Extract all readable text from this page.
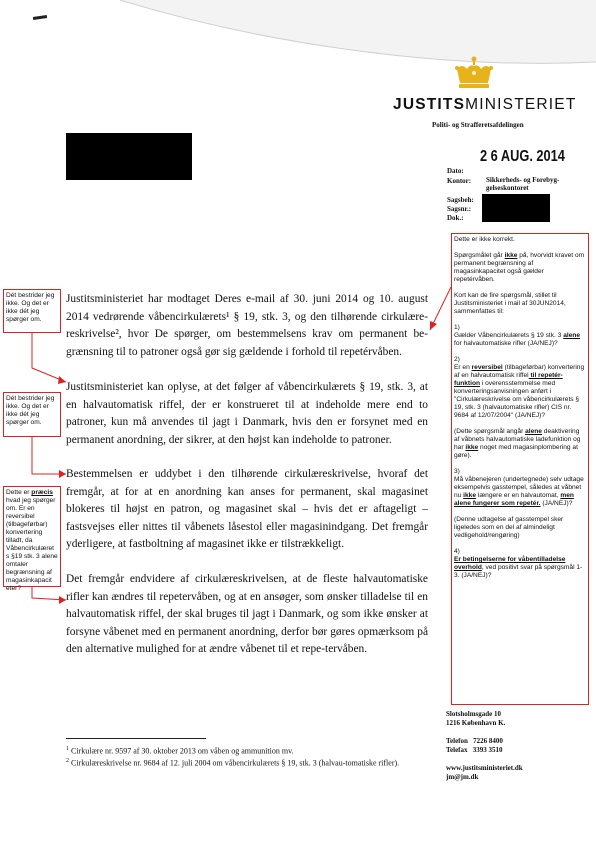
JUSTITSMINISTERIET
Politi- og Strafferetsafdelingen
2 6 AUG. 2014
Dato:
Kontor: Sikkerheds- og Forebyg-gelseskontoret
Sagsbeh:
Sagsnr.:
Dok.:

Justitsministeriet har modtaget Deres e-mail af 30. juni 2014 og 10. august 2014 vedrørende våbencirkulærets¹ § 19, stk. 3, og den tilhørende cirkulære-reskrivelse², hvor De spørger, om bestemmelsens krav om permanent be-grænsning til to patroner også gør sig gældende i forhold til repetérvåben.

Justitsministeriet kan oplyse, at det følger af våbencirkulærets § 19, stk. 3, at en halvautomatisk riffel, der er konstrueret til at indeholde mere end to patroner, kun må anvendes til jagt i Danmark, hvis den er forsynet med en permanent anordning, der sikrer, at den højst kan indeholde to patroner.

Bestemmelsen er uddybet i den tilhørende cirkulæreskrivelse, hvoraf det fremgår, at for at en anordning kan anses for permanent, skal magasinet blokeres til højst en patron, og magasinet skal – hvis det er aftageligt – fastsvejses eller nittes til våbenets låsestol eller magasinindgang. Det fremgår yderligere, at fastboltning af magasinet ikke er tilstrækkeligt.

Det fremgår endvidere af cirkulæreskrivelsen, at de fleste halvautomatiske rifler kan ændres til repetervåben, og at en ansøger, som ønsker tilladelse til en halvautomatisk riffel, der skal bruges til jagt i Danmark, og som ikke ønsker at forsyne våbenet med en permanent anordning, derfor bør gøres opmærksom på den alternative mulighed for at ændre våbenet til et repe-tervåben.

$^1$ Cirkulære nr. 9597 af 30. oktober 2013 om våben og ammunition mv.
$^2$ Cirkulæreskrivelse nr. 9684 af 12. juli 2004 om våbencirkulærets § 19, stk. 3 (halvau-tomatiske rifler).
Slotsholmsgade 10
1216 København K.
Telefon 7226 8400
Telefax 3393 3510
www.justitsministeriet.dk
jm@jm.dk

Dét bestrider jeg ikke. Og det er ikke dét jeg spørger om.

Dét bestrider jeg ikke. Og det er ikke dét jeg spørger om.

Dette er præcis hvad jeg spørger om. Er en reversibel (tilbageførbar) konvertering tilladt, da Våbencirkulæret s §19 stk. 3 alene omtaler begrænsning af magasinkapacit eter?

Dette er ikke korrekt.

Spørgsmålet går ikke på, hvorvidt kravet om permanent begrænsning af magasinkapacitet også gælder repetérvåben.

Kort kan de fire spørgsmål, stillet til Justitsministeriet i mail af 30JUN2014, sammenfattes til:

1)

Gælder Våbencirkulærets § 19 stk. 3 alene for halvautomatiske rifler (JA/NEJ)?

2)

Er en reversibel (tilbageførbar) konvertering af en halvautomatisk riffel til repetér-funktion i overensstemmelse med konverteringsanvisningen anført i "Cirkulæreskrivelse om våbencirkulærets § 19, stk. 3 (halvautomatiske rifler) CIS nr. 9684 af 12/07/2004" (JA/NEJ)?

(Dette spørgsmål angår alene deaktivering af våbnets halvautomatiske ladefunktion og har ikke noget med magasinplombering at gøre).

3)

Må våbenejeren (undertegnede) selv udtage eksempelvis gasstempel, således at våbnet nu ikke længere er en halvautomat, men alene fungerer som repetér. (JA/NEJ)?

(Denne udtagelse af gasstempel sker ligeledes som en del af almindeligt vedligehold/rengøring)

4)

Er betingelserne for våbentilladelse overhold, ved positivt svar på spørgsmål 1-3. (JA/NEJ)?
